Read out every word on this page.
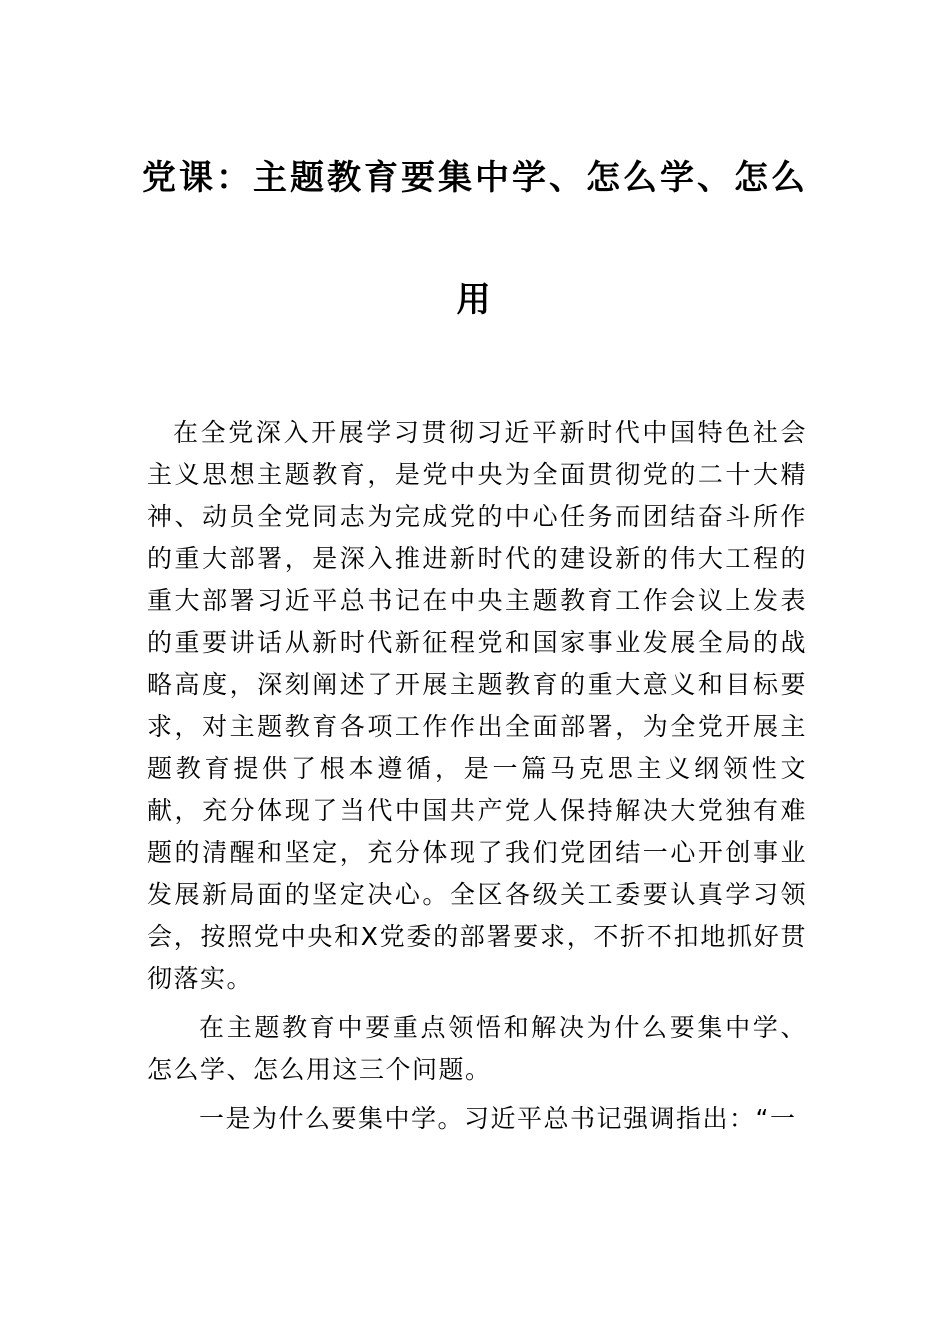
党课：主题教育要集中学、怎么学、怎么
用

在全党深入开展学习贯彻习近平新时代中国特色社会主义思想主题教育，是党中央为全面贯彻党的二十大精神、动员全党同志为完成党的中心任务而团结奋斗所作的重大部署，是深入推进新时代的建设新的伟大工程的重大部署习近平总书记在中央主题教育工作会议上发表的重要讲话从新时代新征程党和国家事业发展全局的战略高度，深刻阐述了开展主题教育的重大意义和目标要求，对主题教育各项工作作出全面部署，为全党开展主题教育提供了根本遵循，是一篇马克思主义纲领性文献，充分体现了当代中国共产党人保持解决大党独有难题的清醒和坚定，充分体现了我们党团结一心开创事业发展新局面的坚定决心。全区各级关工委要认真学习领会，按照党中央和X党委的部署要求，不折不扣地抓好贯彻落实。

在主题教育中要重点领悟和解决为什么要集中学、怎么学、怎么用这三个问题。

一是为什么要集中学。习近平总书记强调指出：“一
